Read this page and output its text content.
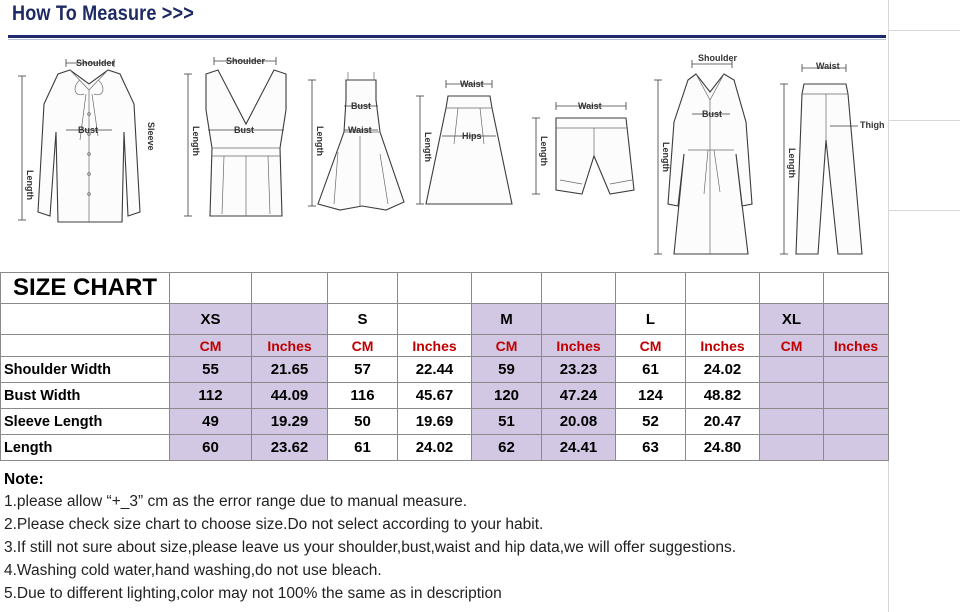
How To Measure >>>
Shoulder
Bust
Length
Sleeve
Shoulder
Bust
Length
Bust
Waist
Length
Waist
Hips
Length
Waist
Length
Shoulder
Bust
Length
Waist
Thigh
Length
SIZE CHART										
	XS		S		M		L		XL	
	CM	Inches	CM	Inches	CM	Inches	CM	Inches	CM	Inches
Shoulder Width	55	21.65	57	22.44	59	23.23	61	24.02		
Bust Width	112	44.09	116	45.67	120	47.24	124	48.82		
Sleeve Length	49	19.29	50	19.69	51	20.08	52	20.47		
Length	60	23.62	61	24.02	62	24.41	63	24.80		
Note:
1.please allow “+_3” cm as the error range due to manual measure.
2.Please check size chart to choose size.Do not select according to your habit.
3.If still not sure about size,please leave us your shoulder,bust,waist and hip data,we will offer suggestions.
4.Washing cold water,hand washing,do not use bleach.
5.Due to different lighting,color may not 100% the same as in description
